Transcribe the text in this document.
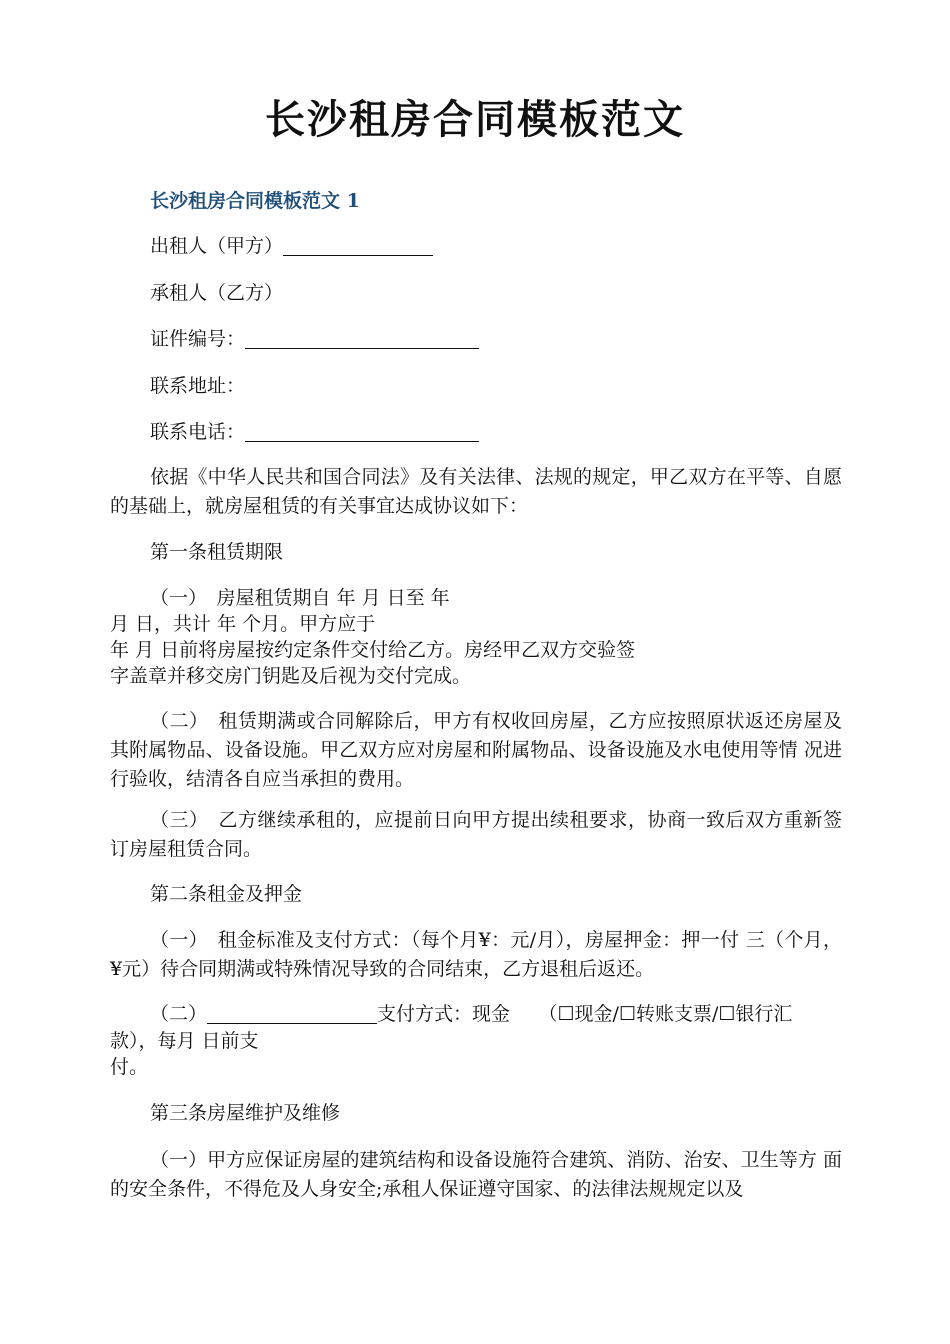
长沙租房合同模板范文
长沙租房合同模板范文 1
出租人（甲方）
承租人（乙方）
证件编号：
联系地址：
联系电话：
依据《中华人民共和国合同法》及有关法律、法规的规定，甲乙双方在平等、自愿的基础上，就房屋租赁的有关事宜达成协议如下：
第一条租赁期限
（一）　房屋租赁期自 年 月 日至 年
月 日，共计 年 个月。甲方应于
年 月 日前将房屋按约定条件交付给乙方。房经甲乙双方交验签
字盖章并移交房门钥匙及后视为交付完成。
（二）　租赁期满或合同解除后，甲方有权收回房屋，乙方应按照原状返还房屋及 其附属物品、设备设施。甲乙双方应对房屋和附属物品、设备设施及水电使用等情 况进行验收，结清各自应当承担的费用。
（三）　乙方继续承租的，应提前日向甲方提出续租要求，协商一致后双方重新签 订房屋租赁合同。
第二条租金及押金
（一）　租金标准及支付方式：（每个月¥：元/月），房屋押金：押一付 三（个月，¥元）待合同期满或特殊情况导致的合同结束，乙方退租后返还。
（二）	支付方式：现金　　（☐现金/☐转账支票/☐银行汇
款），每月 日前支
付。
第三条房屋维护及维修
（一）甲方应保证房屋的建筑结构和设备设施符合建筑、消防、治安、卫生等方 面的安全条件，不得危及人身安全;承租人保证遵守国家、的法律法规规定以及
